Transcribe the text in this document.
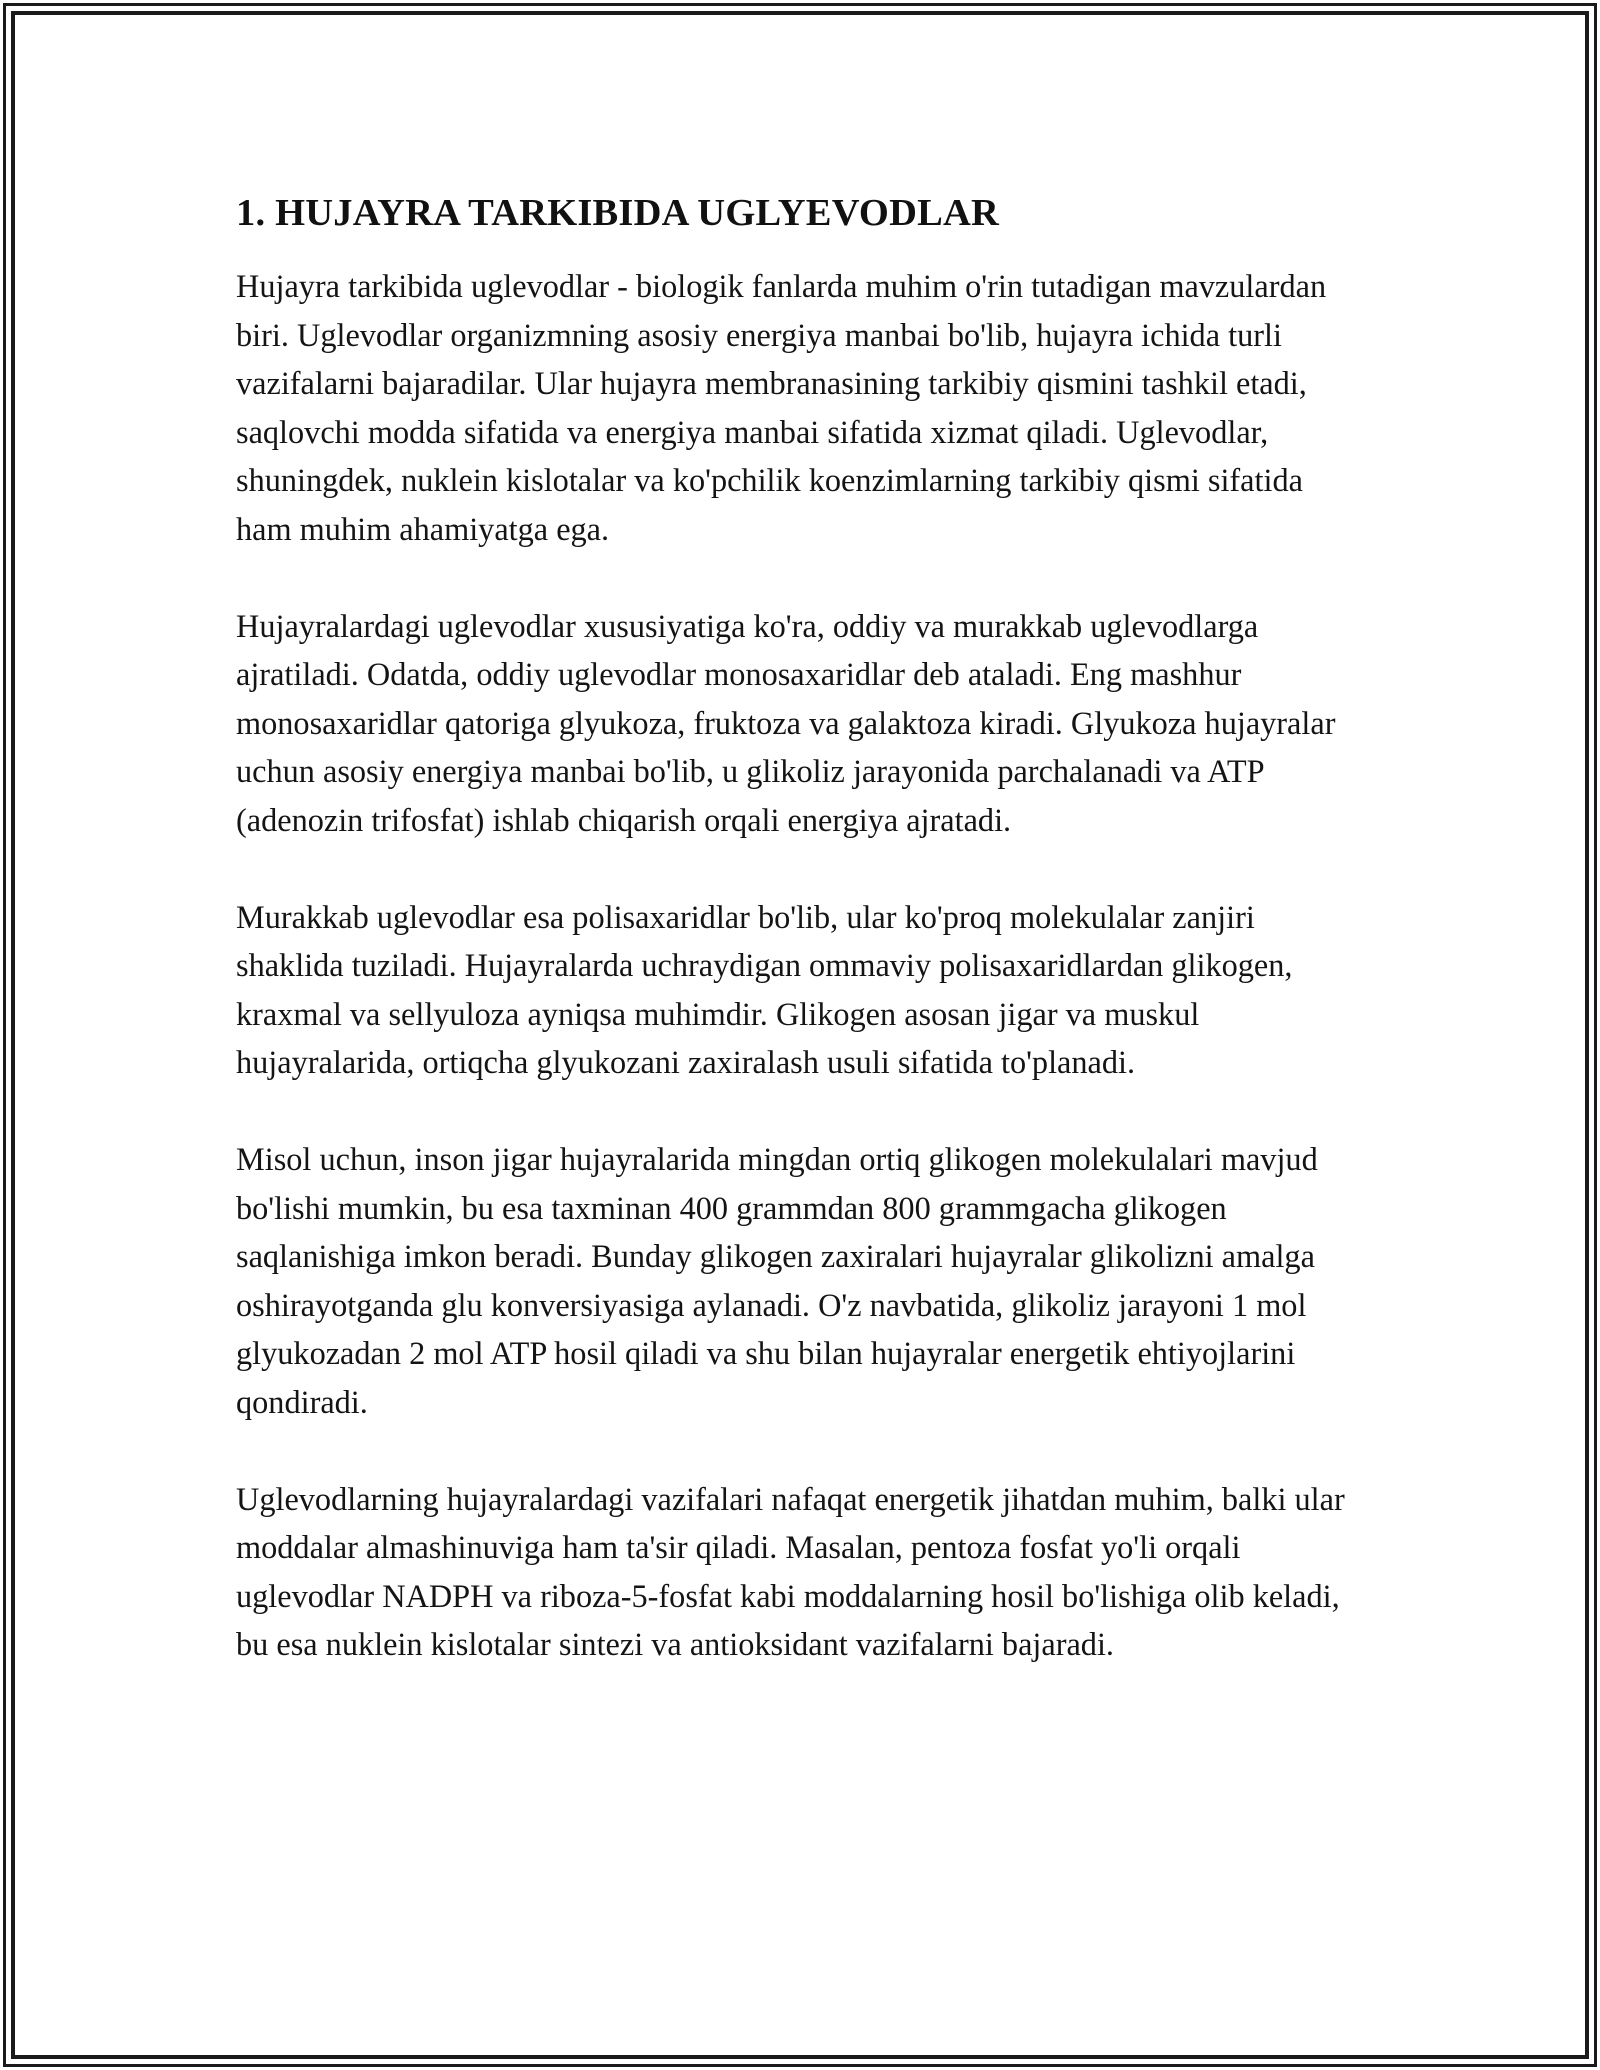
1. HUJAYRA TARKIBIDA UGLYEVODLAR

Hujayra tarkibida uglevodlar - biologik fanlarda muhim o'rin tutadigan mavzulardan biri. Uglevodlar organizmning asosiy energiya manbai bo'lib, hujayra ichida turli vazifalarni bajaradilar. Ular hujayra membranasining tarkibiy qismini tashkil etadi, saqlovchi modda sifatida va energiya manbai sifatida xizmat qiladi. Uglevodlar, shuningdek, nuklein kislotalar va ko'pchilik koenzimlarning tarkibiy qismi sifatida ham muhim ahamiyatga ega.

Hujayralardagi uglevodlar xususiyatiga ko'ra, oddiy va murakkab uglevodlarga ajratiladi. Odatda, oddiy uglevodlar monosaxaridlar deb ataladi. Eng mashhur monosaxaridlar qatoriga glyukoza, fruktoza va galaktoza kiradi. Glyukoza hujayralar uchun asosiy energiya manbai bo'lib, u glikoliz jarayonida parchalanadi va ATP (adenozin trifosfat) ishlab chiqarish orqali energiya ajratadi.

Murakkab uglevodlar esa polisaxaridlar bo'lib, ular ko'proq molekulalar zanjiri shaklida tuziladi. Hujayralarda uchraydigan ommaviy polisaxaridlardan glikogen, kraxmal va sellyuloza ayniqsa muhimdir. Glikogen asosan jigar va muskul hujayralarida, ortiqcha glyukozani zaxiralash usuli sifatida to'planadi.

Misol uchun, inson jigar hujayralarida mingdan ortiq glikogen molekulalari mavjud bo'lishi mumkin, bu esa taxminan 400 grammdan 800 grammgacha glikogen saqlanishiga imkon beradi. Bunday glikogen zaxiralari hujayralar glikolizni amalga oshirayotganda glu konversiyasiga aylanadi. O'z navbatida, glikoliz jarayoni 1 mol glyukozadan 2 mol ATP hosil qiladi va shu bilan hujayralar energetik ehtiyojlarini qondiradi.

Uglevodlarning hujayralardagi vazifalari nafaqat energetik jihatdan muhim, balki ular moddalar almashinuviga ham ta'sir qiladi. Masalan, pentoza fosfat yo'li orqali uglevodlar NADPH va riboza-5-fosfat kabi moddalarning hosil bo'lishiga olib keladi, bu esa nuklein kislotalar sintezi va antioksidant vazifalarni bajaradi.
